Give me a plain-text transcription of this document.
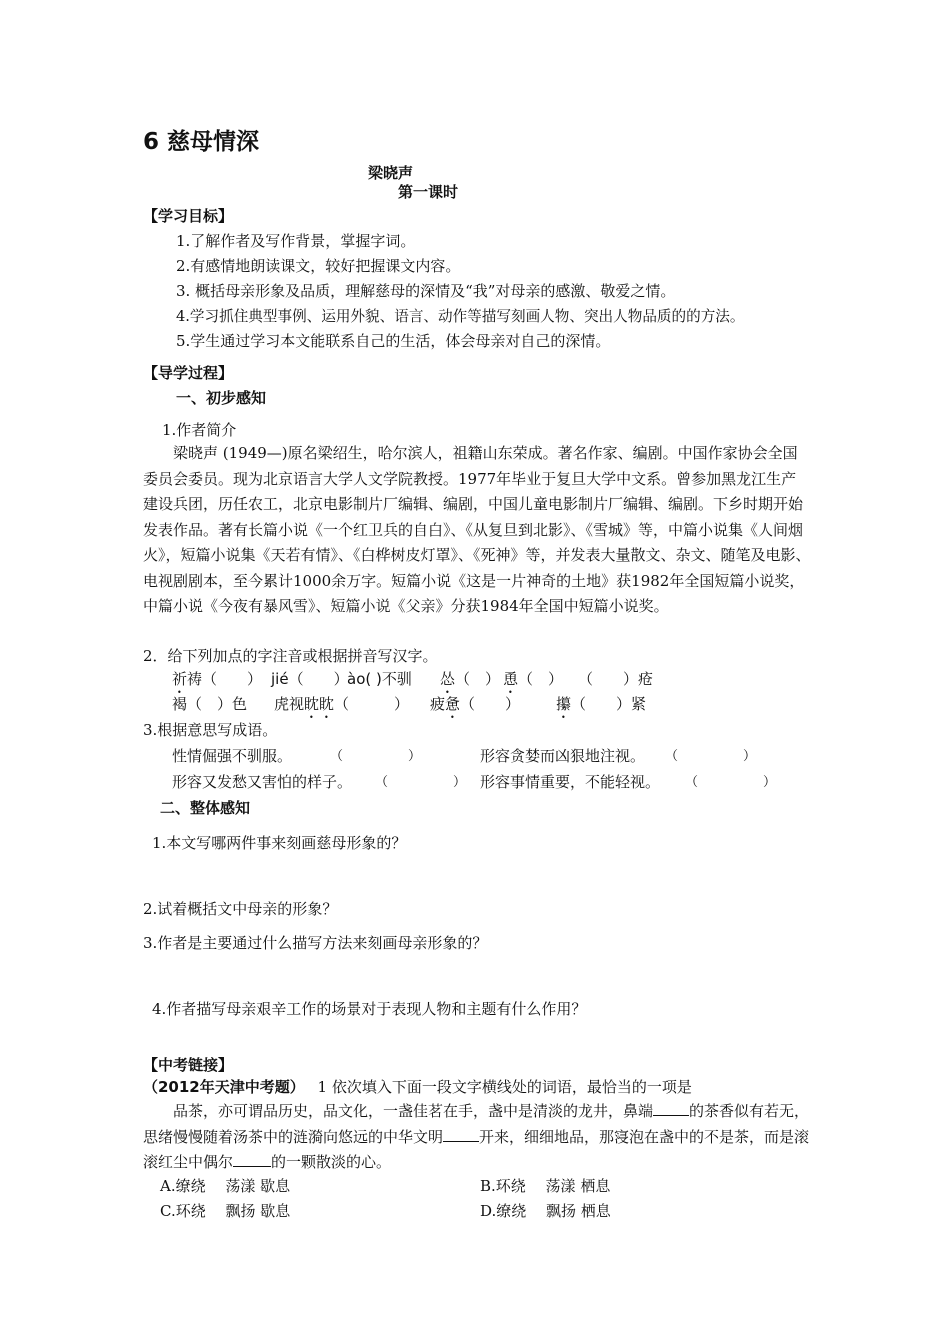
6 慈母情深
梁晓声
第一课时
【学习目标】
1.了解作者及写作背景，掌握字词。
2.有感情地朗读课文，较好把握课文内容。
3. 概括母亲形象及品质，理解慈母的深情及“我”对母亲的感激、敬爱之情。
4.学习抓住典型事例、运用外貌、语言、动作等描写刻画人物、突出人物品质的的方法。
5.学生通过学习本文能联系自己的生活，体会母亲对自己的深情。
【导学过程】
一、初步感知
1.作者简介
梁晓声 (1949—)原名梁绍生，哈尔滨人，祖籍山东荣成。著名作家、编剧。中国作家协会全国委员会委员。现为北京语言大学人文学院教授。1977年毕业于复旦大学中文系。曾参加黑龙江生产建设兵团，历任农工，北京电影制片厂编辑、编剧，中国儿童电影制片厂编辑、编剧。下乡时期开始发表作品。著有长篇小说《一个红卫兵的自白》、《从复旦到北影》、《雪城》等，中篇小说集《人间烟火》，短篇小说集《天若有情》、《白桦树皮灯罩》、《死神》等，并发表大量散文、杂文、随笔及电影、电视剧剧本，至今累计1000余万字。短篇小说《这是一片神奇的土地》获1982年全国短篇小说奖，中篇小说《今夜有暴风雪》、短篇小说《父亲》分获1984年全国中短篇小说奖。
2．给下列加点的字注音或根据拼音写汉字。
祈祷（　　） jié（　　）
ào( )不驯 怂（　） 恿（　） （　　）疮
褐（　）色 虎视眈眈（　　　） 疲惫（　　） 攥（　　）紧
3.根据意思写成语。
性情倔强不驯服。	（　　　　　）	形容贪婪而凶狠地注视。 （　　　　　）
形容又发愁又害怕的样子。 （　　　　　） 形容事情重要，不能轻视。 （　　　　　）
二、整体感知
1.本文写哪两件事来刻画慈母形象的？
2.试着概括文中母亲的形象？
3.作者是主要通过什么描写方法来刻画母亲形象的？
4.作者描写母亲艰辛工作的场景对于表现人物和主题有什么作用？
【中考链接】
（2012年天津中考题） 1 依次填入下面一段文字横线处的词语，最恰当的一项是
品茶，亦可谓品历史，品文化，一盏佳茗在手，盏中是清淡的龙井，鼻端 的茶香似有若无，思绪慢慢随着汤茶中的涟漪向悠远的中华文明 开来，细细地品，那寖泡在盏中的不是茶，而是滚滚红尘中偶尔	的一颗散淡的心。
A.缭绕　 荡漾 歇息	B.环绕　 荡漾 栖息
C.环绕　 飘扬 歇息	D.缭绕　 飘扬 栖息
